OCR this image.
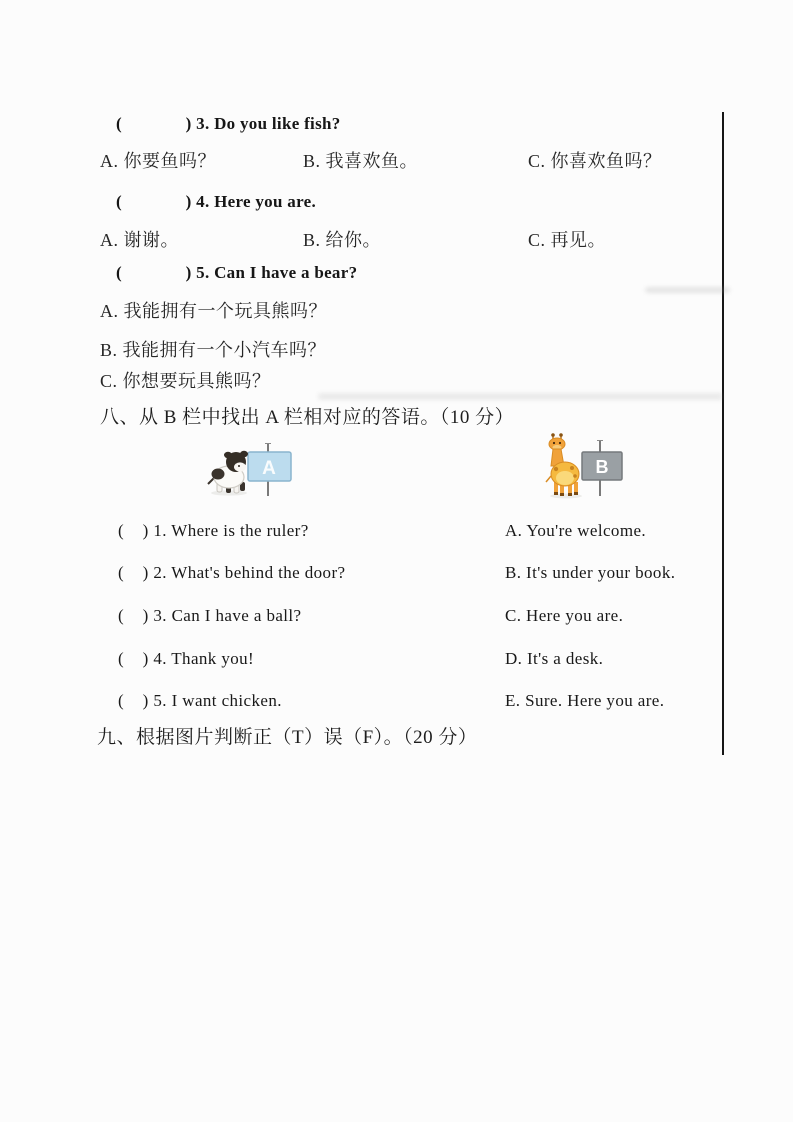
(              ) 3. Do you like fish?
A. 你要鱼吗？	B. 我喜欢鱼。	C. 你喜欢鱼吗？
(              ) 4. Here you are.
A. 谢谢。	B. 给你。	C. 再见。
(              ) 5. Can I have a bear?
A. 我能拥有一个玩具熊吗？
B. 我能拥有一个小汽车吗？
C. 你想要玩具熊吗？
八、从 B 栏中找出 A 栏相对应的答语。（10 分）
A	B
(    ) 1. Where is the ruler?	A. You're welcome.
(    ) 2. What's behind the door?	B. It's under your book.
(    ) 3. Can I have a ball?	C. Here you are.
(    ) 4. Thank you!	D. It's a desk.
(    ) 5. I want chicken.	E. Sure. Here you are.
九、根据图片判断正（T）误（F）。（20 分）
